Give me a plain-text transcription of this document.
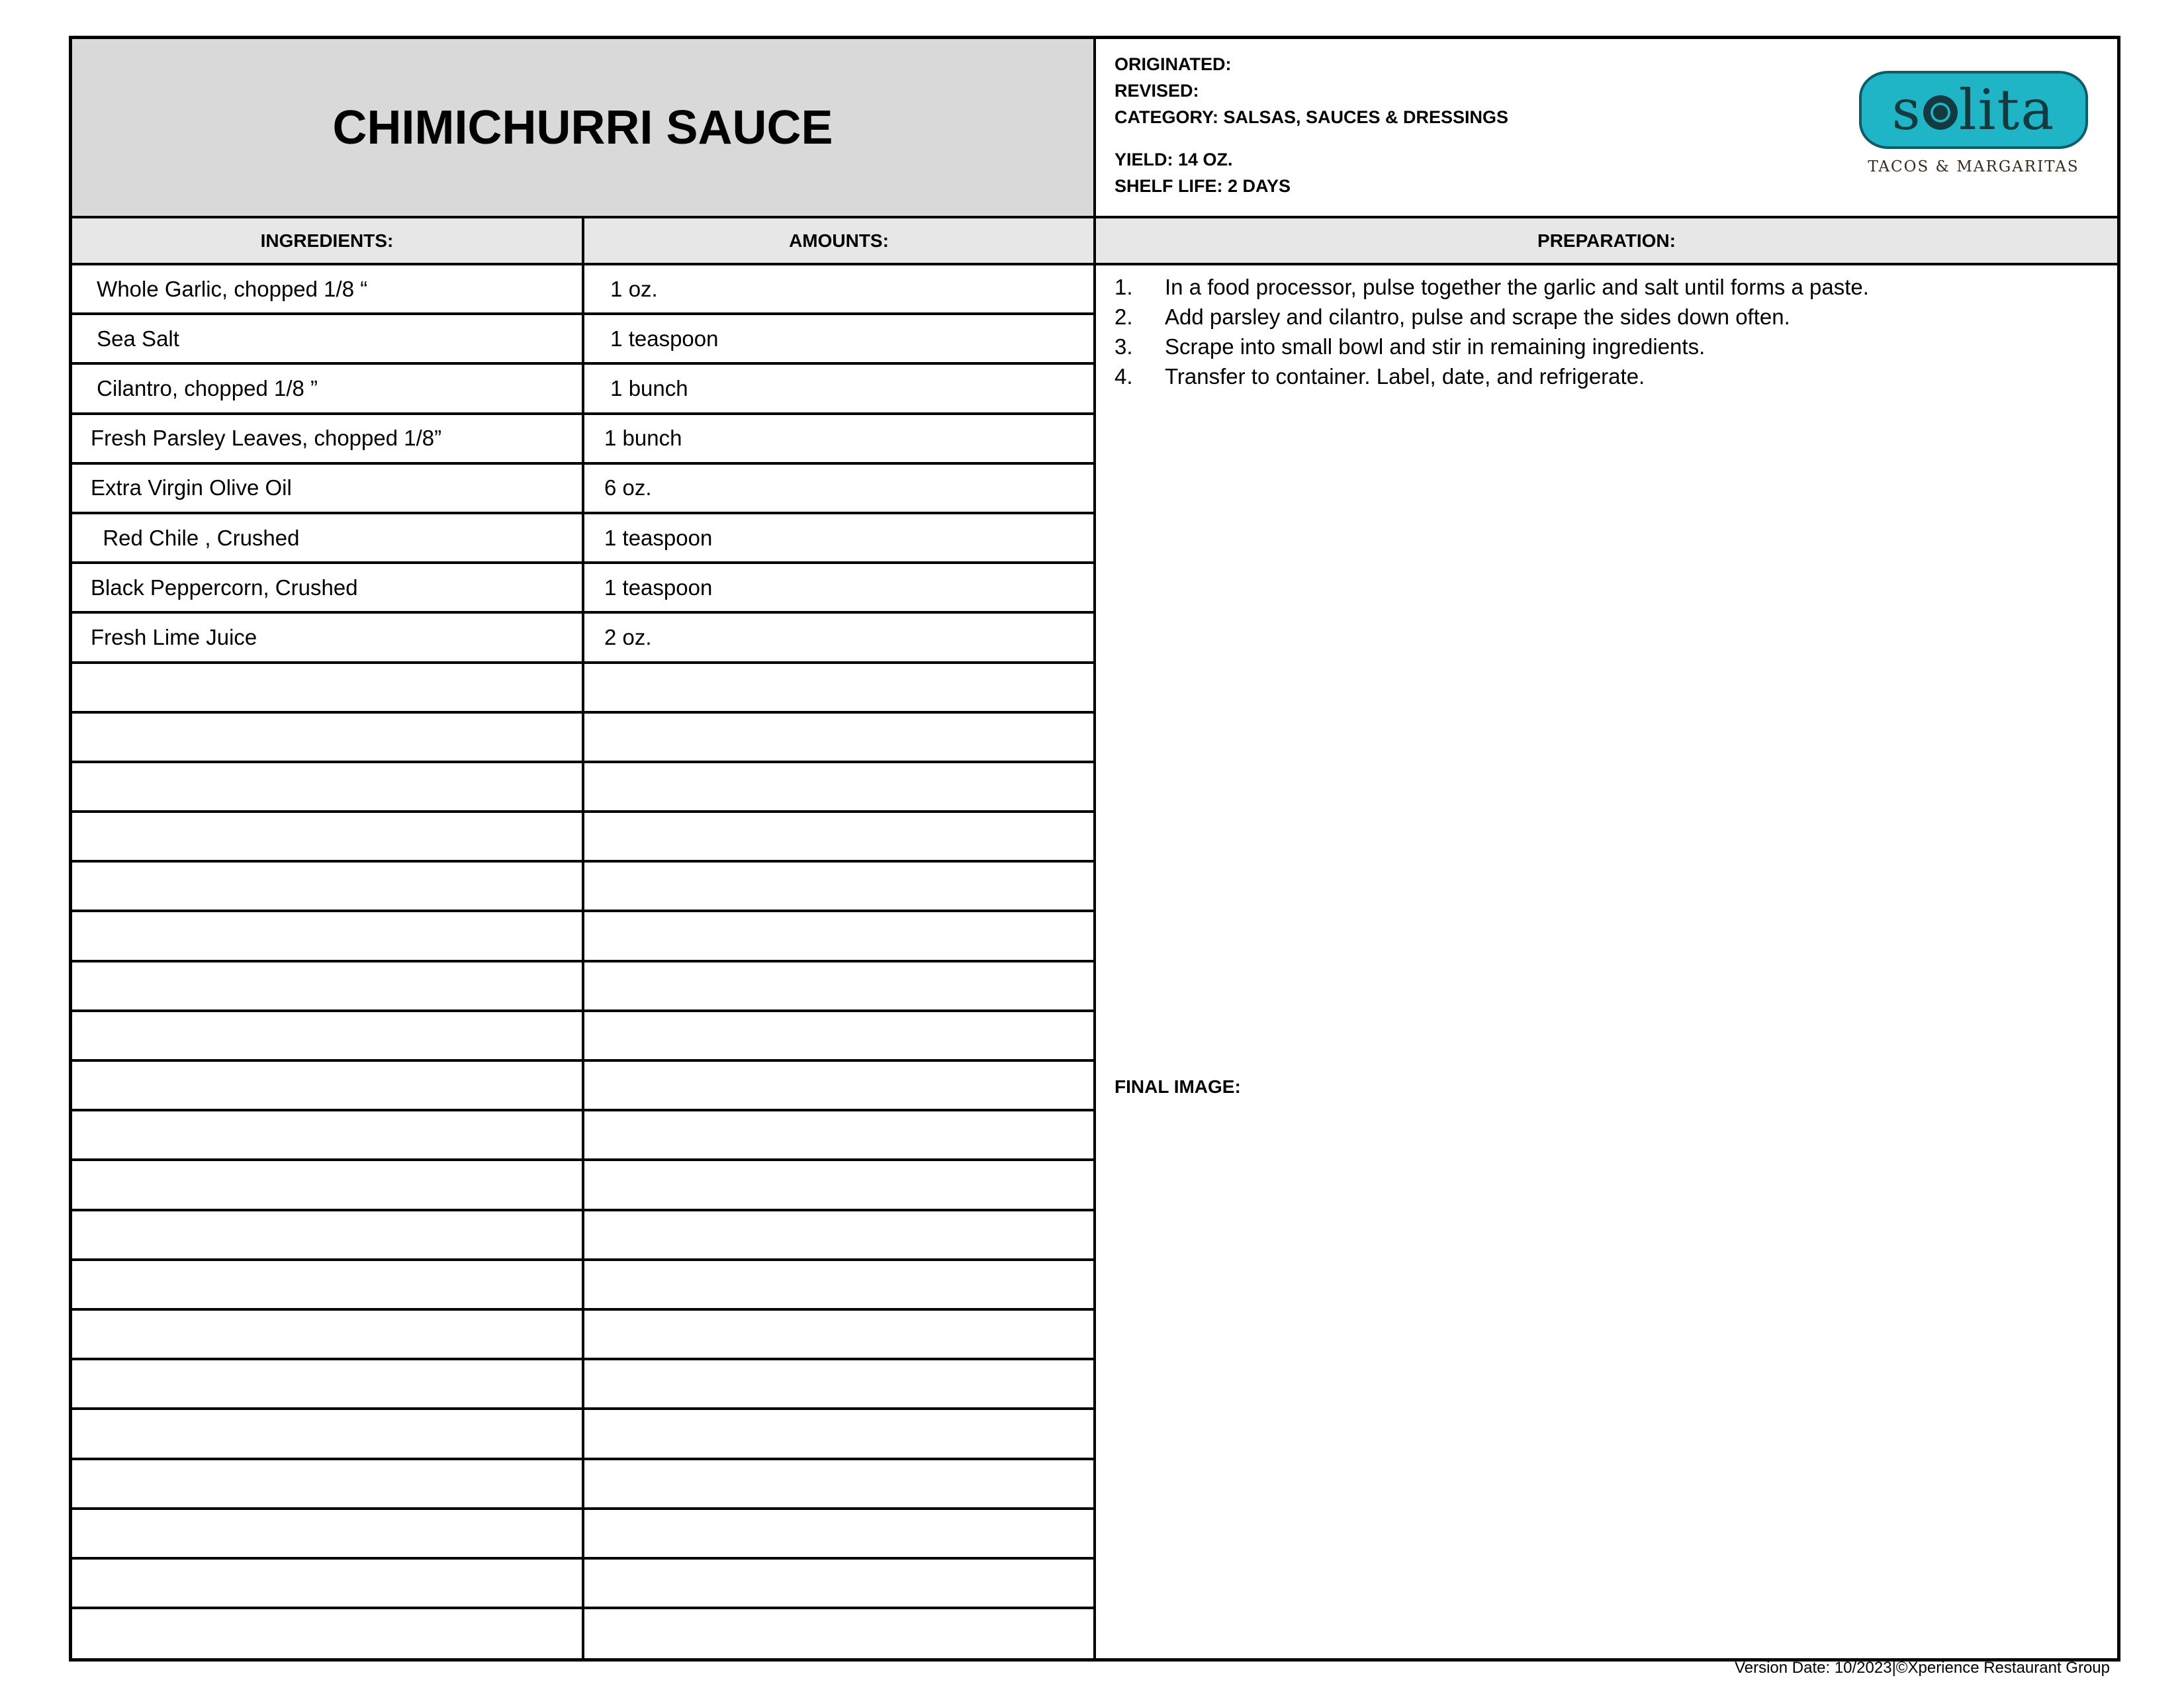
CHIMICHURRI SAUCE
ORIGINATED:
REVISED:
CATEGORY: SALSAS, SAUCES & DRESSINGS
YIELD: 14 OZ.
SHELF LIFE: 2 DAYS
s lita
TACOS & MARGARITAS
INGREDIENTS:	AMOUNTS:	PREPARATION:
Whole Garlic, chopped 1/8 “	1 oz.
Sea Salt	1 teaspoon
Cilantro, chopped 1/8 ”	1 bunch
Fresh Parsley Leaves, chopped 1/8”	1 bunch
Extra Virgin Olive Oil	6 oz.
Red Chile , Crushed	1 teaspoon
Black Peppercorn, Crushed	1 teaspoon
Fresh Lime Juice	2 oz.
1.	In a food processor, pulse together the garlic and salt until forms a paste.
2.	Add parsley and cilantro, pulse and scrape the sides down often.
3.	Scrape into small bowl and stir in remaining ingredients.
4.	Transfer to container. Label, date, and refrigerate.
FINAL IMAGE:
Version Date: 10/2023|©Xperience Restaurant Group
